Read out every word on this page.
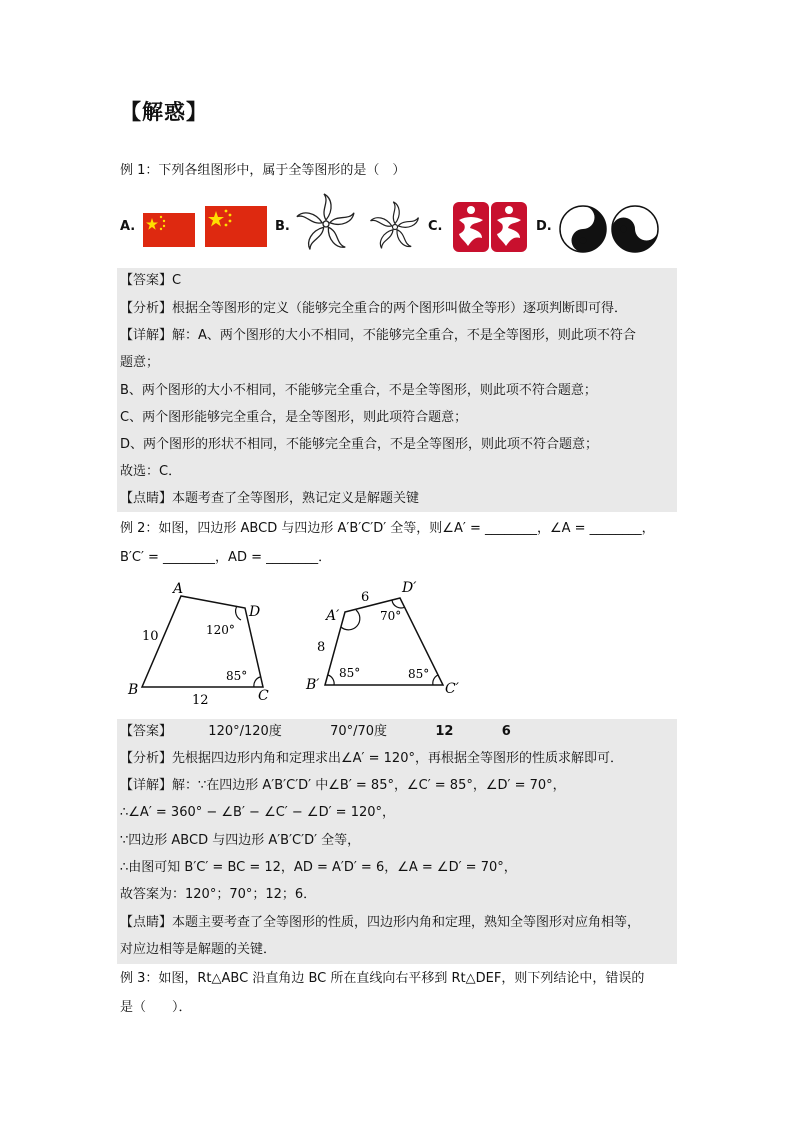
【解惑】
例 1：下列各组图形中，属于全等图形的是（　）
A.	B.	C.	D.
【答案】C
【分析】根据全等图形的定义（能够完全重合的两个图形叫做全等形）逐项判断即可得．
【详解】解：A、两个图形的大小不相同，不能够完全重合，不是全等图形，则此项不符合
题意；
B、两个图形的大小不相同，不能够完全重合，不是全等图形，则此项不符合题意；
C、两个图形能够完全重合，是全等图形，则此项符合题意；
D、两个图形的形状不相同，不能够完全重合，不是全等图形，则此项不符合题意；
故选：C．
【点睛】本题考查了全等图形，熟记定义是解题关键
例 2：如图，四边形 ABCD 与四边形 A′B′C′D′ 全等，则∠A′ = ________，∠A = ________，
B′C′ = ________，AD = ________．
A
B	C
D
10
12
120°
85°
A′
B′	C′
D′
6
8
70°
85°	85°
【答案】	120°/120度	70°/70度	12	6
【分析】先根据四边形内角和定理求出∠A′ = 120°，再根据全等图形的性质求解即可．
【详解】解：∵在四边形 A′B′C′D′ 中∠B′ = 85°，∠C′ = 85°，∠D′ = 70°，
∴∠A′ = 360° − ∠B′ − ∠C′ − ∠D′ = 120°，
∵四边形 ABCD 与四边形 A′B′C′D′ 全等，
∴由图可知 B′C′ = BC = 12，AD = A′D′ = 6，∠A = ∠D′ = 70°，
故答案为：120°；70°；12；6．
【点睛】本题主要考查了全等图形的性质，四边形内角和定理，熟知全等图形对应角相等，
对应边相等是解题的关键．
例 3：如图，Rt△ABC 沿直角边 BC 所在直线向右平移到 Rt△DEF，则下列结论中，错误的
是（　　）．
